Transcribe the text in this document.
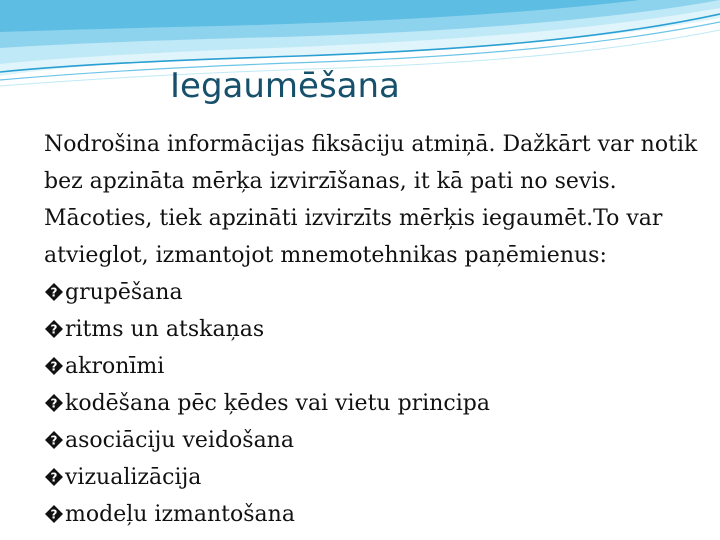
Iegaumēšana

Nodrošina informācijas fiksāciju atmiņā. Dažkārt var notik bez apzināta mērķa izvirzīšanas, it kā pati no sevis. Mācoties, tiek apzināti izvirzīts mērķis iegaumēt.To var atvieglot, izmantojot mnemotehnikas paņēmienus:

? grupēšana
? ritms un atskaņas
? akronīmi
? kodēšana pēc ķēdes vai vietu principa
? asociāciju veidošana
? vizualizācija
? modeļu izmantošana
